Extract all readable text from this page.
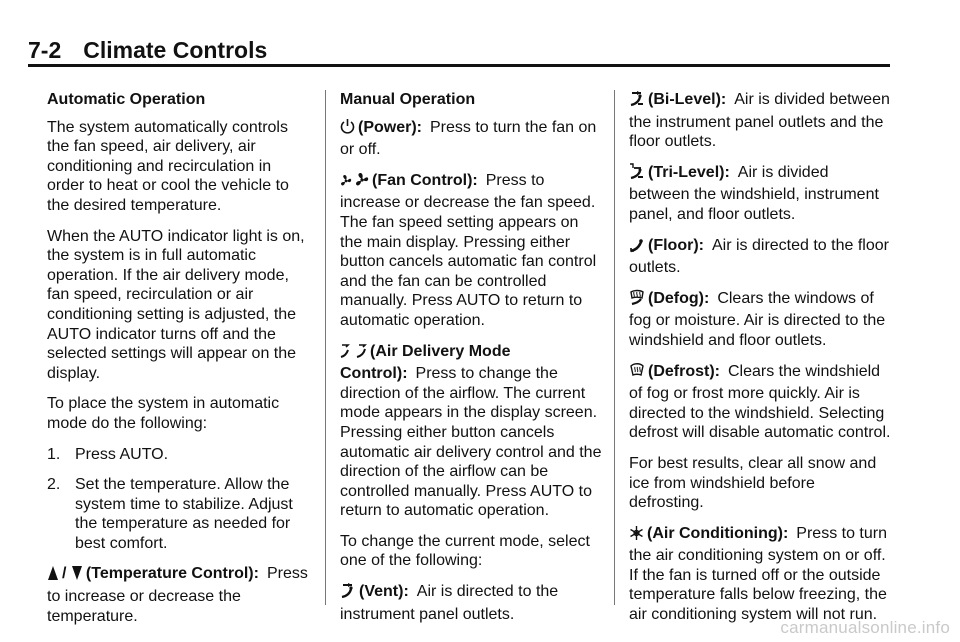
7-2 Climate Controls

Automatic Operation

The system automatically controls the fan speed, air delivery, air conditioning and recirculation in order to heat or cool the vehicle to the desired temperature.

When the AUTO indicator light is on, the system is in full automatic operation. If the air delivery mode, fan speed, recirculation or air conditioning setting is adjusted, the AUTO indicator turns off and the selected settings will appear on the display.

To place the system in automatic mode do the following:

1. Press AUTO.
2. Set the temperature. Allow the system time to stabilize. Adjust the temperature as needed for best comfort.

/ (Temperature Control): Press to increase or decrease the temperature.

Manual Operation

(Power): Press to turn the fan on or off.

(Fan Control): Press to increase or decrease the fan speed. The fan speed setting appears on the main display. Pressing either button cancels automatic fan control and the fan can be controlled manually. Press AUTO to return to automatic operation.

(Air Delivery Mode Control): Press to change the direction of the airflow. The current mode appears in the display screen. Pressing either button cancels automatic air delivery control and the direction of the airflow can be controlled manually. Press AUTO to return to automatic operation.

To change the current mode, select one of the following:

(Vent): Air is directed to the instrument panel outlets.

(Bi-Level): Air is divided between the instrument panel outlets and the floor outlets.

(Tri-Level): Air is divided between the windshield, instrument panel, and floor outlets.

(Floor): Air is directed to the floor outlets.

(Defog): Clears the windows of fog or moisture. Air is directed to the windshield and floor outlets.

(Defrost): Clears the windshield of fog or frost more quickly. Air is directed to the windshield. Selecting defrost will disable automatic control.

For best results, clear all snow and ice from windshield before defrosting.

(Air Conditioning): Press to turn the air conditioning system on or off. If the fan is turned off or the outside temperature falls below freezing, the air conditioning system will not run.

carmanualsonline.info
